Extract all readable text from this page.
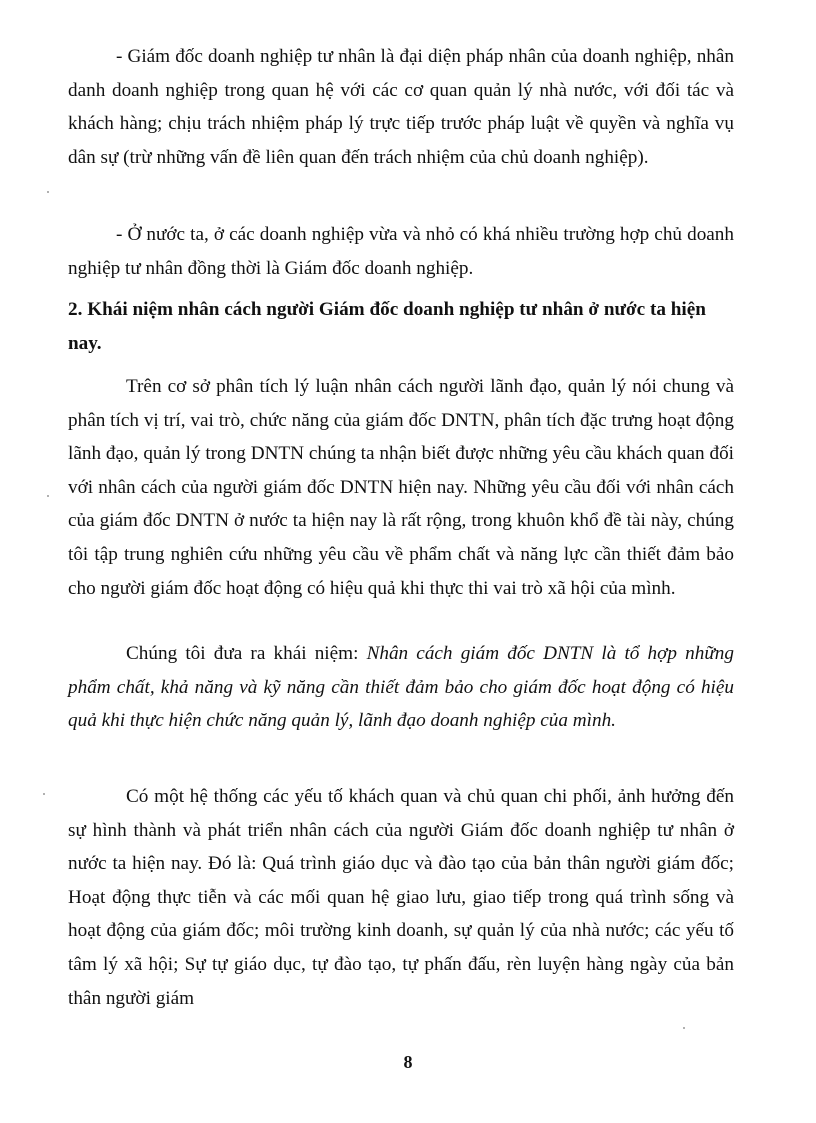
- Giám đốc doanh nghiệp tư nhân là đại diện pháp nhân của doanh nghiệp, nhân danh doanh nghiệp trong quan hệ với các cơ quan quản lý nhà nước, với đối tác và khách hàng; chịu trách nhiệm pháp lý trực tiếp trước pháp luật về quyền và nghĩa vụ dân sự (trừ những vấn đề liên quan đến trách nhiệm của chủ doanh nghiệp).

- Ở nước ta, ở các doanh nghiệp vừa và nhỏ có khá nhiều trường hợp chủ doanh nghiệp tư nhân đồng thời là Giám đốc doanh nghiệp.

2. Khái niệm nhân cách người Giám đốc doanh nghiệp tư nhân ở nước ta hiện nay.

Trên cơ sở phân tích lý luận nhân cách người lãnh đạo, quản lý nói chung và phân tích vị trí, vai trò, chức năng của giám đốc DNTN, phân tích đặc trưng hoạt động lãnh đạo, quản lý trong DNTN chúng ta nhận biết được những yêu cầu khách quan đối với nhân cách của người giám đốc DNTN hiện nay. Những yêu cầu đối với nhân cách của giám đốc DNTN ở nước ta hiện nay là rất rộng, trong khuôn khổ đề tài này, chúng tôi tập trung nghiên cứu những yêu cầu về phẩm chất và năng lực cần thiết đảm bảo cho người giám đốc hoạt động có hiệu quả khi thực thi vai trò xã hội của mình.

Chúng tôi đưa ra khái niệm: Nhân cách giám đốc DNTN là tổ hợp những phẩm chất, khả năng và kỹ năng cần thiết đảm bảo cho giám đốc hoạt động có hiệu quả khi thực hiện chức năng quản lý, lãnh đạo doanh nghiệp của mình.

Có một hệ thống các yếu tố khách quan và chủ quan chi phối, ảnh hưởng đến sự hình thành và phát triển nhân cách của người Giám đốc doanh nghiệp tư nhân ở nước ta hiện nay. Đó là: Quá trình giáo dục và đào tạo của bản thân người giám đốc; Hoạt động thực tiễn và các mối quan hệ giao lưu, giao tiếp trong quá trình sống và hoạt động của giám đốc; môi trường kinh doanh, sự quản lý của nhà nước; các yếu tố tâm lý xã hội; Sự tự giáo dục, tự đào tạo, tự phấn đấu, rèn luyện hàng ngày của bản thân người giám

8
